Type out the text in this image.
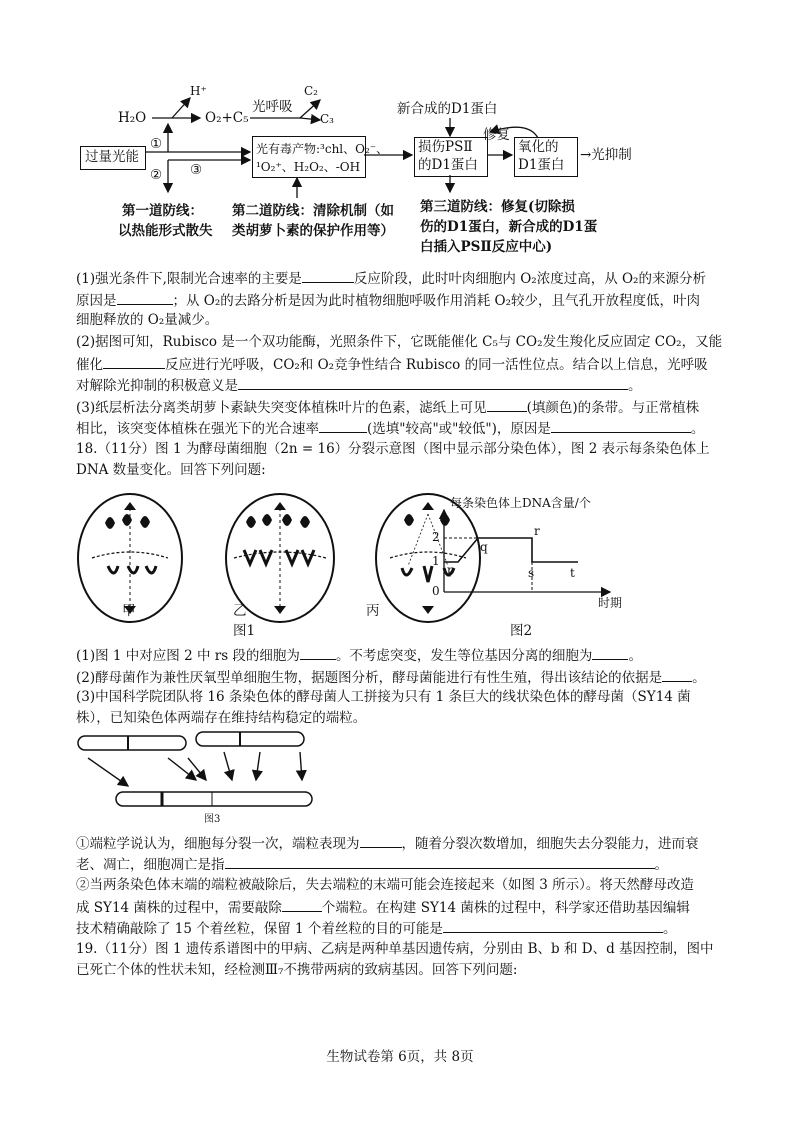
H₂O
H⁺
O₂+C₅
光呼吸
C₂
C₃
①
② ③
过量光能	光有毒产物:³chl、O₂⁻、
¹O₂⁺、H₂O₂、-OH
新合成的D1蛋白
损伤PSⅡ
的D1蛋白
修复
氧化的
D1蛋白
→光抑制
第一道防线：
以热能形式散失
第二道防线：清除机制（如
类胡萝卜素的保护作用等）
第三道防线：修复(切除损
伤的D1蛋白，新合成的D1蛋
白插入PSⅡ反应中心)
(1)强光条件下,限制光合速率的主要是	反应阶段，此时叶肉细胞内 O₂浓度过高，从 O₂的来源分析
原因是	；从 O₂的去路分析是因为此时植物细胞呼吸作用消耗 O₂较少，且气孔开放程度低，叶肉
细胞释放的 O₂量减少。
(2)据图可知，Rubisco 是一个双功能酶，光照条件下，它既能催化 C₅与 CO₂发生羧化反应固定 CO₂，又能
催化	反应进行光呼吸，CO₂和 O₂竞争性结合 Rubisco 的同一活性位点。结合以上信息，光呼吸
对解除光抑制的积极意义是	。
(3)纸层析法分离类胡萝卜素缺失突变体植株叶片的色素，滤纸上可见	(填颜色)的条带。与正常植株
相比，该突变体植株在强光下的光合速率	(选填"较高"或"较低")，原因是	。
18.（11分）图 1 为酵母菌细胞（2n = 16）分裂示意图（图中显示部分染色体），图 2 表示每条染色体上
DNA 数量变化。回答下列问题:
甲	乙	丙
图1
每条染色体上DNA含量/个
2
1
0
p
q
r
s	t
时期
图2
(1)图 1 中对应图 2 中 rs 段的细胞为	。不考虑突变，发生等位基因分离的细胞为	。
(2)酵母菌作为兼性厌氧型单细胞生物，据题图分析，酵母菌能进行有性生殖，得出该结论的依据是 。
(3)中国科学院团队将 16 条染色体的酵母菌人工拼接为只有 1 条巨大的线状染色体的酵母菌（SY14 菌
株），已知染色体两端存在维持结构稳定的端粒。
图3
①端粒学说认为，细胞每分裂一次，端粒表现为	，随着分裂次数增加，细胞失去分裂能力，进而衰
老、凋亡，细胞凋亡是指	。
②当两条染色体末端的端粒被敲除后，失去端粒的末端可能会连接起来（如图 3 所示）。将天然酵母改造
成 SY14 菌株的过程中，需要敲除	个端粒。在构建 SY14 菌株的过程中，科学家还借助基因编辑
技术精确敲除了 15 个着丝粒，保留 1 个着丝粒的目的可能是	。
19.（11分）图 1 遗传系谱图中的甲病、乙病是两种单基因遗传病，分别由 B、b 和 D、d 基因控制，图中
已死亡个体的性状未知，经检测Ⅲ₇不携带两病的致病基因。回答下列问题:
生物试卷第 6页，共 8页
